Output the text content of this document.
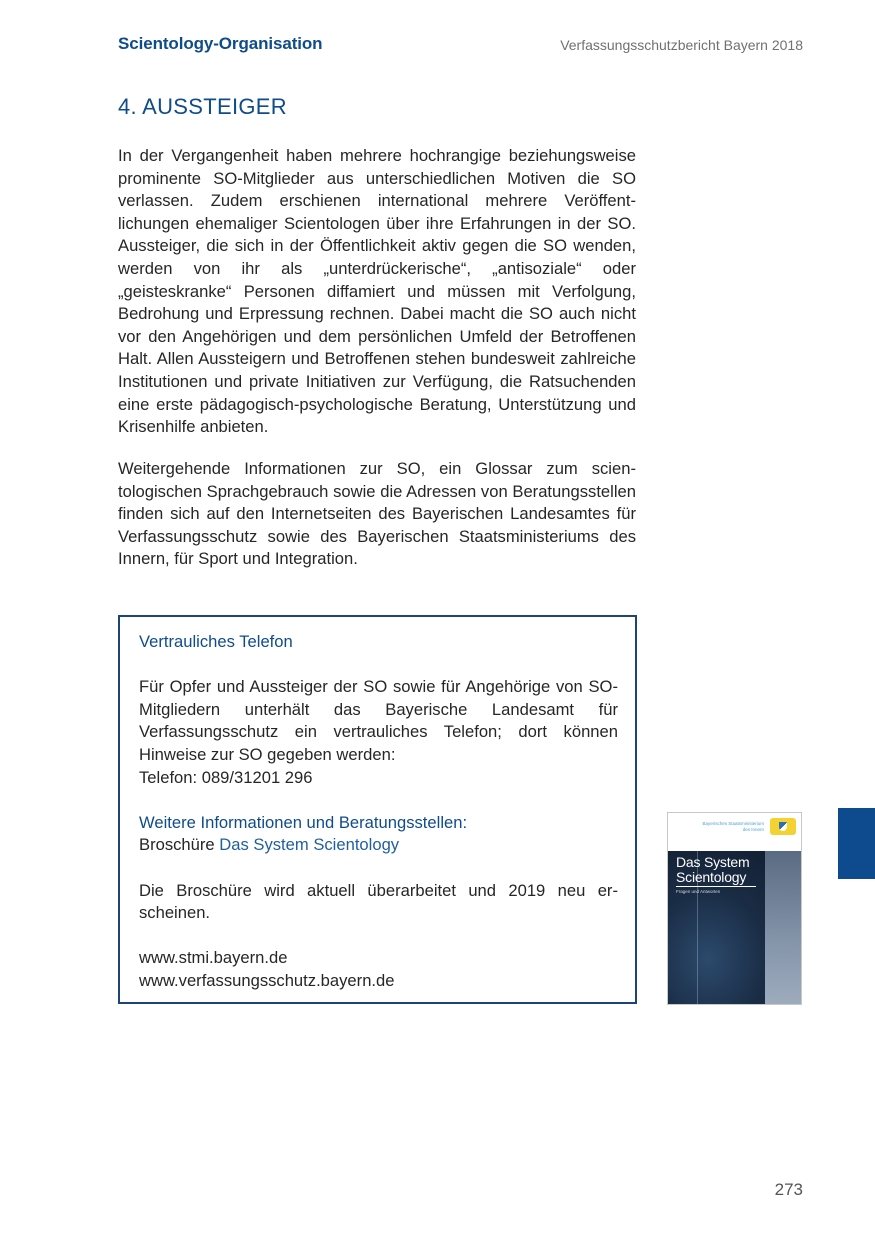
Scientology-Organisation	Verfassungsschutzbericht Bayern 2018
4. AUSSTEIGER

In der Vergangenheit haben mehrere hochrangige beziehungsweise prominente SO-Mitglieder aus unterschiedlichen Motiven die SO verlassen. Zudem erschienen international mehrere Veröffentlichungen ehemaliger Scientologen über ihre Erfahrungen in der SO. Aussteiger, die sich in der Öffentlichkeit aktiv gegen die SO wenden, werden von ihr als „unterdrückerische“, „antisoziale“ oder „geisteskranke“ Personen diffamiert und müssen mit Verfolgung, Bedrohung und Erpressung rechnen. Dabei macht die SO auch nicht vor den Angehörigen und dem persönlichen Umfeld der Betroffenen Halt. Allen Aussteigern und Betroffenen stehen bundesweit zahlreiche Institutionen und private Initiativen zur Verfügung, die Ratsuchenden eine erste pädagogisch-psychologische Beratung, Unterstützung und Krisenhilfe anbieten.

Weitergehende Informationen zur SO, ein Glossar zum scientologischen Sprachgebrauch sowie die Adressen von Beratungsstellen finden sich auf den Internetseiten des Bayerischen Landesamtes für Verfassungsschutz sowie des Bayerischen Staatsministeriums des Innern, für Sport und Integration.

Vertrauliches Telefon
Für Opfer und Aussteiger der SO sowie für Angehörige von SO-Mitgliedern unterhält das Bayerische Landesamt für Verfassungsschutz ein vertrauliches Telefon; dort können Hinweise zur SO gegeben werden:
Telefon: 089/31201 296
Weitere Informationen und Beratungsstellen:
Broschüre Das System Scientology
Die Broschüre wird aktuell überarbeitet und 2019 neu erscheinen.
www.stmi.bayern.de
www.verfassungsschutz.bayern.de
Bayerisches Staatsministerium
des Innern
Das System
Scientology
Fragen und Antworten
273
